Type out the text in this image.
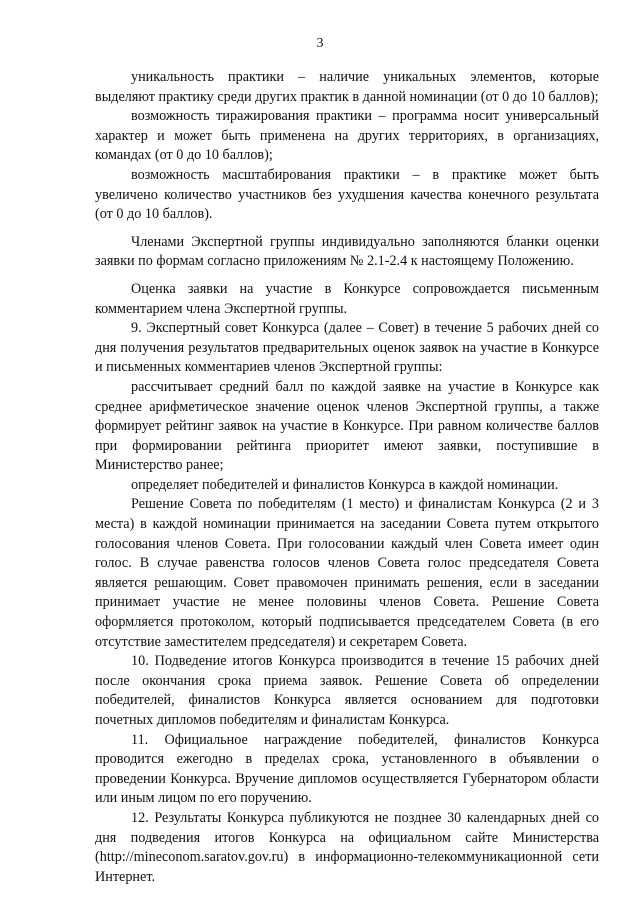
3

уникальность практики – наличие уникальных элементов, которые выделяют практику среди других практик в данной номинации (от 0 до 10 баллов);

возможность тиражирования практики – программа носит универсальный характер и может быть применена на других территориях, в организациях, командах (от 0 до 10 баллов);

возможность масштабирования практики – в практике может быть увеличено количество участников без ухудшения качества конечного результата (от 0 до 10 баллов).

Членами Экспертной группы индивидуально заполняются бланки оценки заявки по формам согласно приложениям № 2.1-2.4 к настоящему Положению.

Оценка заявки на участие в Конкурсе сопровождается письменным комментарием члена Экспертной группы.

9. Экспертный совет Конкурса (далее – Совет) в течение 5 рабочих дней со дня получения результатов предварительных оценок заявок на участие в Конкурсе и письменных комментариев членов Экспертной группы:

рассчитывает средний балл по каждой заявке на участие в Конкурсе как среднее арифметическое значение оценок членов Экспертной группы, а также формирует рейтинг заявок на участие в Конкурсе. При равном количестве баллов при формировании рейтинга приоритет имеют заявки, поступившие в Министерство ранее;

определяет победителей и финалистов Конкурса в каждой номинации.

Решение Совета по победителям (1 место) и финалистам Конкурса (2 и 3 места) в каждой номинации принимается на заседании Совета путем открытого голосования членов Совета. При голосовании каждый член Совета имеет один голос. В случае равенства голосов членов Совета голос председателя Совета является решающим. Совет правомочен принимать решения, если в заседании принимает участие не менее половины членов Совета. Решение Совета оформляется протоколом, который подписывается председателем Совета (в его отсутствие заместителем председателя) и секретарем Совета.

10. Подведение итогов Конкурса производится в течение 15 рабочих дней после окончания срока приема заявок. Решение Совета об определении победителей, финалистов Конкурса является основанием для подготовки почетных дипломов победителям и финалистам Конкурса.

11. Официальное награждение победителей, финалистов Конкурса проводится ежегодно в пределах срока, установленного в объявлении о проведении Конкурса. Вручение дипломов осуществляется Губернатором области или иным лицом по его поручению.

12. Результаты Конкурса публикуются не позднее 30 календарных дней со дня подведения итогов Конкурса на официальном сайте Министерства (http://mineconom.saratov.gov.ru) в информационно-телекоммуникационной сети Интернет.
